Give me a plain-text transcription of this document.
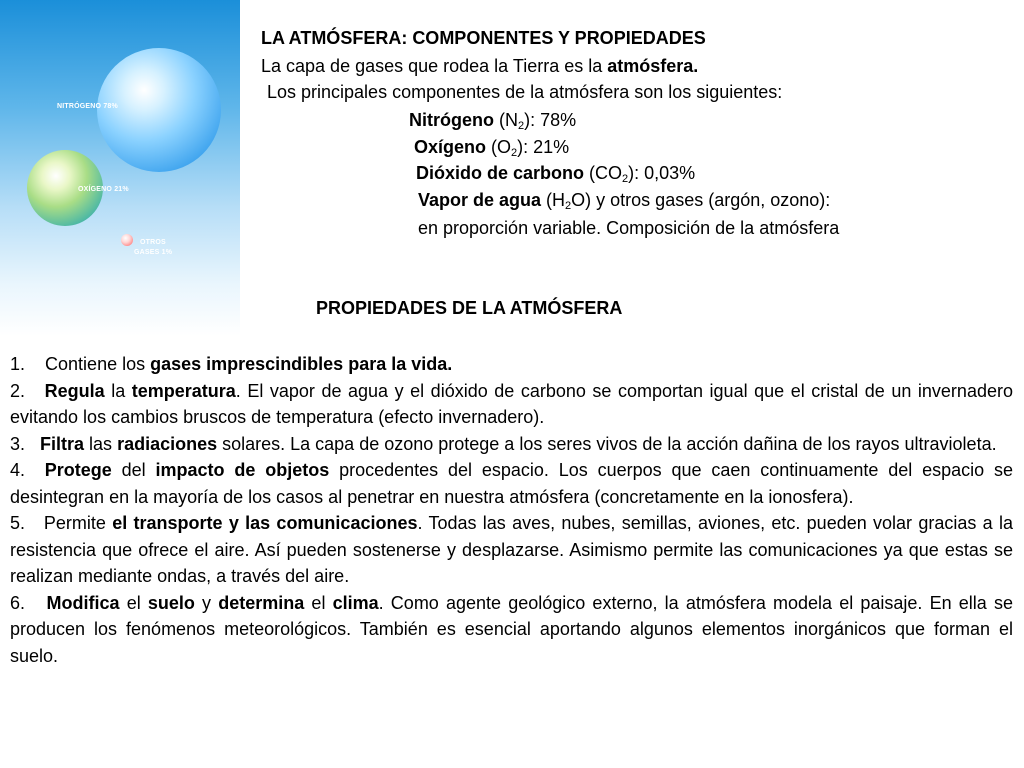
NITRÓGENO 78%
OXÍGENO 21%
OTROS
GASES 1%
LA ATMÓSFERA: COMPONENTES Y PROPIEDADES
La capa de gases que rodea la Tierra es la atmósfera.
Los principales componentes de la atmósfera son los siguientes:
Nitrógeno $(N_2)$: 78%
Oxígeno $(O_2)$: 21%
Dióxido de carbono $(CO_2)$: 0,03%
Vapor de agua $(H_2O)$ y otros gases (argón, ozono):
en proporción variable. Composición de la atmósfera
PROPIEDADES DE LA ATMÓSFERA
1. Contiene los gases imprescindibles para la vida.
2. Regula la temperatura. El vapor de agua y el dióxido de carbono se comportan igual que el cristal de un invernadero evitando los cambios bruscos de temperatura (efecto invernadero).
3. Filtra las radiaciones solares. La capa de ozono protege a los seres vivos de la acción dañina de los rayos ultravioleta.
4. Protege del impacto de objetos procedentes del espacio. Los cuerpos que caen continuamente del espacio se desintegran en la mayoría de los casos al penetrar en nuestra atmósfera (concretamente en la ionosfera).
5. Permite el transporte y las comunicaciones. Todas las aves, nubes, semillas, aviones, etc. pueden volar gracias a la resistencia que ofrece el aire. Así pueden sostenerse y desplazarse. Asimismo permite las comunicaciones ya que estas se realizan mediante ondas, a través del aire.
6. Modifica el suelo y determina el clima. Como agente geológico externo, la atmósfera modela el paisaje. En ella se producen los fenómenos meteorológicos. También es esencial aportando algunos elementos inorgánicos que forman el suelo.
